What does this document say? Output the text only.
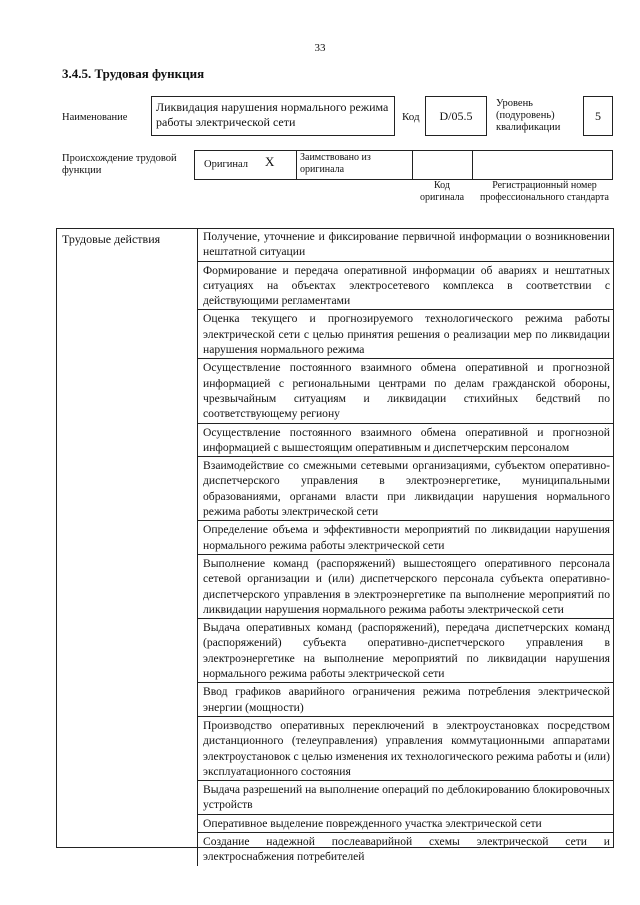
33
3.4.5. Трудовая функция
Наименование
Ликвидация нарушения нормального режима работы электрической сети	Код	D/05.5
Уровень (подуровень) квалификации
5
Происхождение трудовой функции
Оригинал X	Заимствовано из оригинала
Код оригинала
Регистрационный номер профессионального стандарта
Трудовые действия	Получение, уточнение и фиксирование первичной информации о возникновении нештатной ситуации
Формирование и передача оперативной информации об авариях и нештатных ситуациях на объектах электросетевого комплекса в соответствии с действующими регламентами
Оценка текущего и прогнозируемого технологического режима работы электрической сети с целью принятия решения о реализации мер по ликвидации нарушения нормального режима
Осуществление постоянного взаимного обмена оперативной и прогнозной информацией с региональными центрами по делам гражданской обороны, чрезвычайным ситуациям и ликвидации стихийных бедствий по соответствующему региону
Осуществление постоянного взаимного обмена оперативной и прогнозной информацией с вышестоящим оперативным и диспетчерским персоналом
Взаимодействие со смежными сетевыми организациями, субъектом оперативно-диспетчерского управления в электроэнергетике, муниципальными образованиями, органами власти при ликвидации нарушения нормального режима работы электрической сети
Определение объема и эффективности мероприятий по ликвидации нарушения нормального режима работы электрической сети
Выполнение команд (распоряжений) вышестоящего оперативного персонала сетевой организации и (или) диспетчерского персонала субъекта оперативно-диспетчерского управления в электроэнергетике па выполнение мероприятий по ликвидации нарушения нормального режима работы электрической сети
Выдача оперативных команд (распоряжений), передача диспетчерских команд (распоряжений) субъекта оперативно-диспетчерского управления в электроэнергетике на выполнение мероприятий по ликвидации нарушения нормального режима работы электрической сети
Ввод графиков аварийного ограничения режима потребления электрической энергии (мощности)
Производство оперативных переключений в электроустановках посредством дистанционного (телеуправления) управления коммутационными аппаратами электроустановок с целью изменения их технологического режима работы и (или) эксплуатационного состояния
Выдача разрешений на выполнение операций по деблокированию блокировочных устройств
Оперативное выделение поврежденного участка электрической сети
Создание надежной послеаварийной схемы электрической сети и электроснабжения потребителей
